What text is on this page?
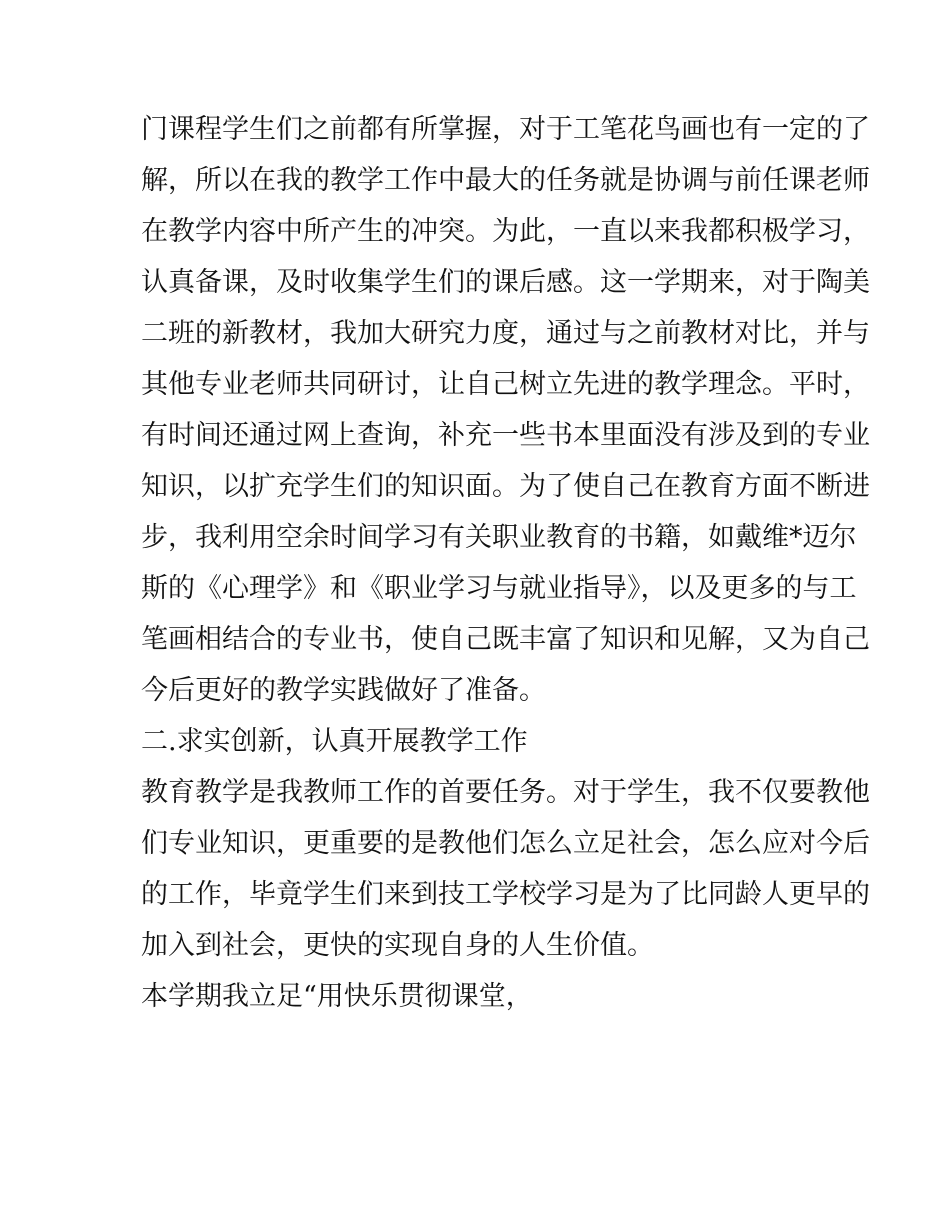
门课程学生们之前都有所掌握，对于工笔花鸟画也有一定的了
解，所以在我的教学工作中最大的任务就是协调与前任课老师
在教学内容中所产生的冲突。为此，一直以来我都积极学习，
认真备课，及时收集学生们的课后感。这一学期来，对于陶美
二班的新教材，我加大研究力度，通过与之前教材对比，并与
其他专业老师共同研讨，让自己树立先进的教学理念。平时，
有时间还通过网上查询，补充一些书本里面没有涉及到的专业
知识，以扩充学生们的知识面。为了使自己在教育方面不断进
步，我利用空余时间学习有关职业教育的书籍，如戴维*迈尔
斯的《心理学》和《职业学习与就业指导》，以及更多的与工
笔画相结合的专业书，使自己既丰富了知识和见解，又为自己
今后更好的教学实践做好了准备。
二.求实创新，认真开展教学工作
教育教学是我教师工作的首要任务。对于学生，我不仅要教他
们专业知识，更重要的是教他们怎么立足社会，怎么应对今后
的工作，毕竟学生们来到技工学校学习是为了比同龄人更早的
加入到社会，更快的实现自身的人生价值。
本学期我立足“用快乐贯彻课堂，
